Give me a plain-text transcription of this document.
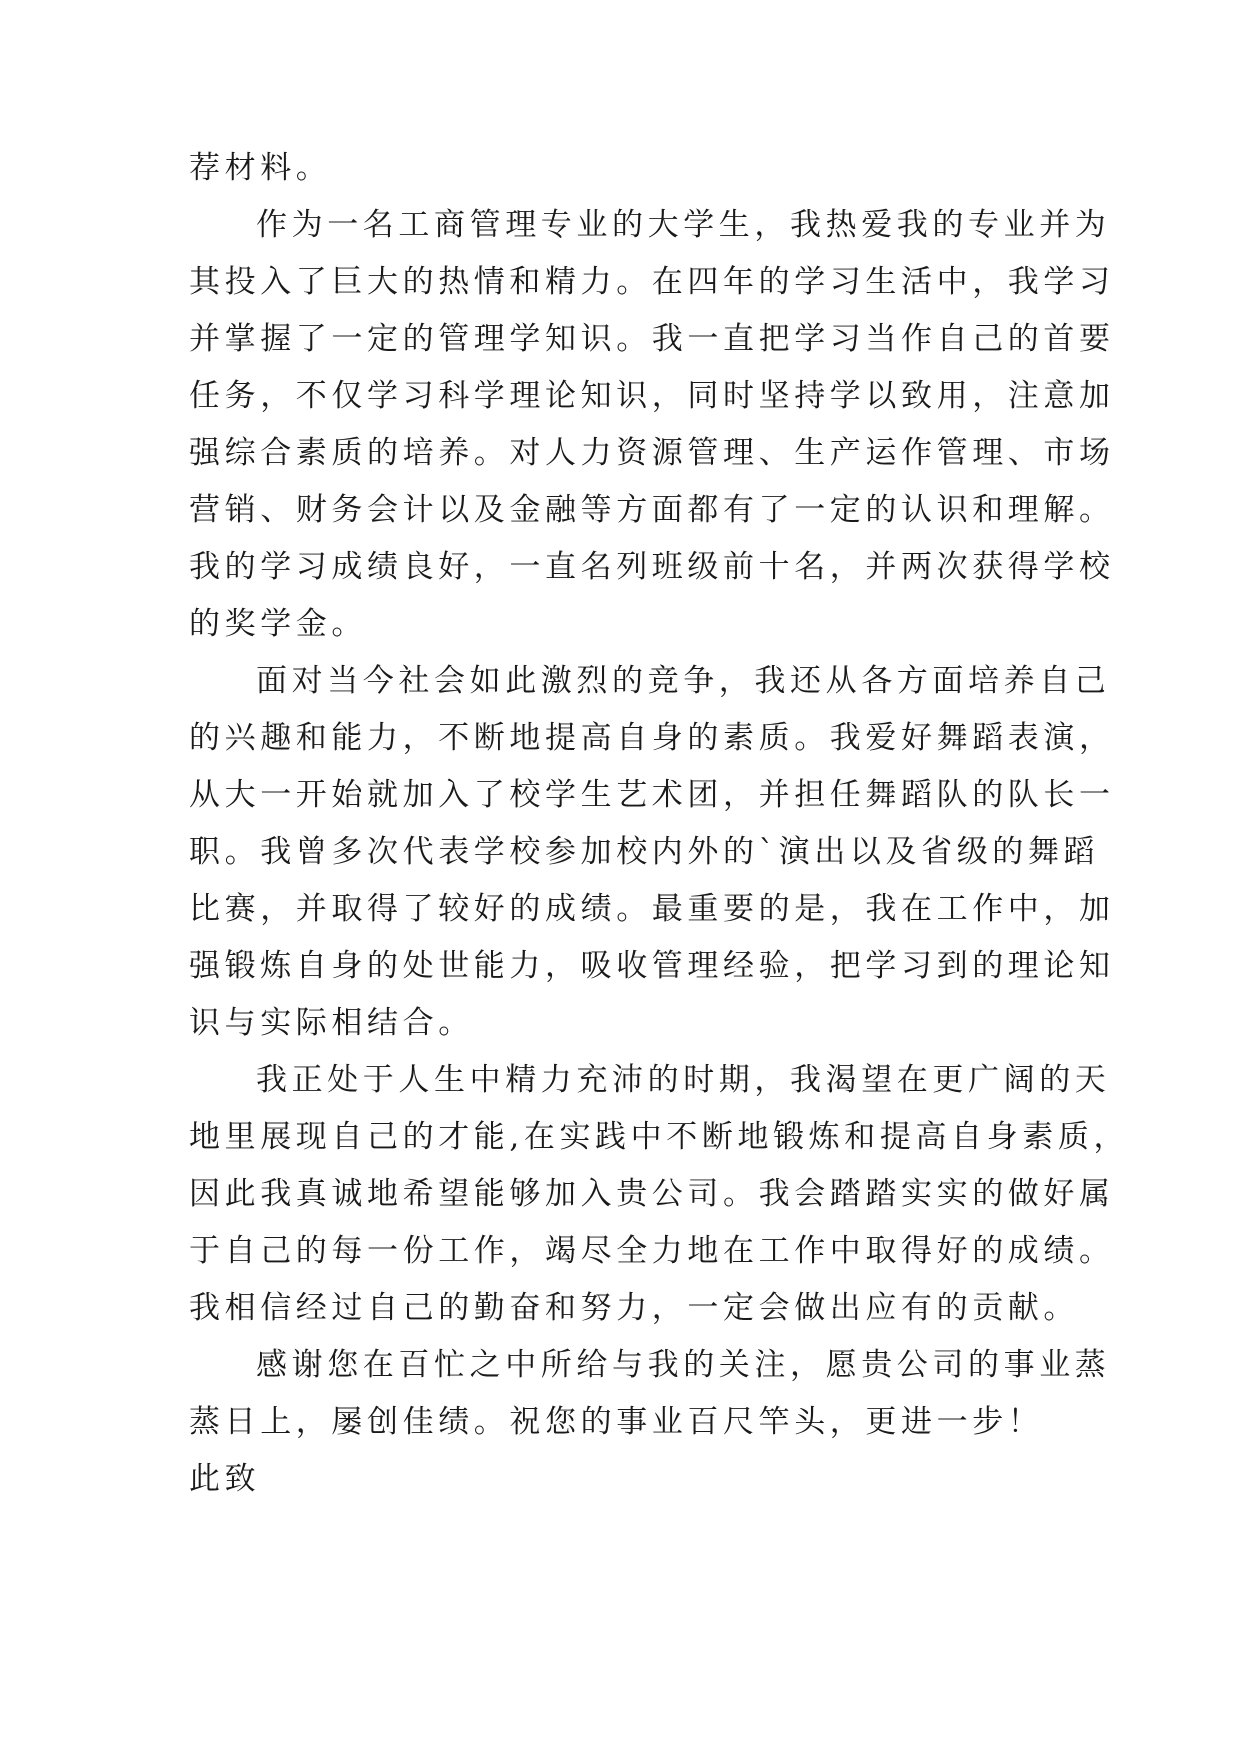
荐材料。
作为一名工商管理专业的大学生，我热爱我的专业并为
其投入了巨大的热情和精力。在四年的学习生活中，我学习
并掌握了一定的管理学知识。我一直把学习当作自己的首要
任务，不仅学习科学理论知识，同时坚持学以致用，注意加
强综合素质的培养。对人力资源管理、生产运作管理、市场
营销、财务会计以及金融等方面都有了一定的认识和理解。
我的学习成绩良好，一直名列班级前十名，并两次获得学校
的奖学金。
面对当今社会如此激烈的竞争，我还从各方面培养自己
的兴趣和能力，不断地提高自身的素质。我爱好舞蹈表演，
从大一开始就加入了校学生艺术团，并担任舞蹈队的队长一
职。我曾多次代表学校参加校内外的`演出以及省级的舞蹈
比赛，并取得了较好的成绩。最重要的是，我在工作中，加
强锻炼自身的处世能力，吸收管理经验，把学习到的理论知
识与实际相结合。
我正处于人生中精力充沛的时期，我渴望在更广阔的天
地里展现自己的才能,在实践中不断地锻炼和提高自身素质，
因此我真诚地希望能够加入贵公司。我会踏踏实实的做好属
于自己的每一份工作，竭尽全力地在工作中取得好的成绩。
我相信经过自己的勤奋和努力，一定会做出应有的贡献。
感谢您在百忙之中所给与我的关注，愿贵公司的事业蒸
蒸日上，屡创佳绩。祝您的事业百尺竿头，更进一步！
此致
